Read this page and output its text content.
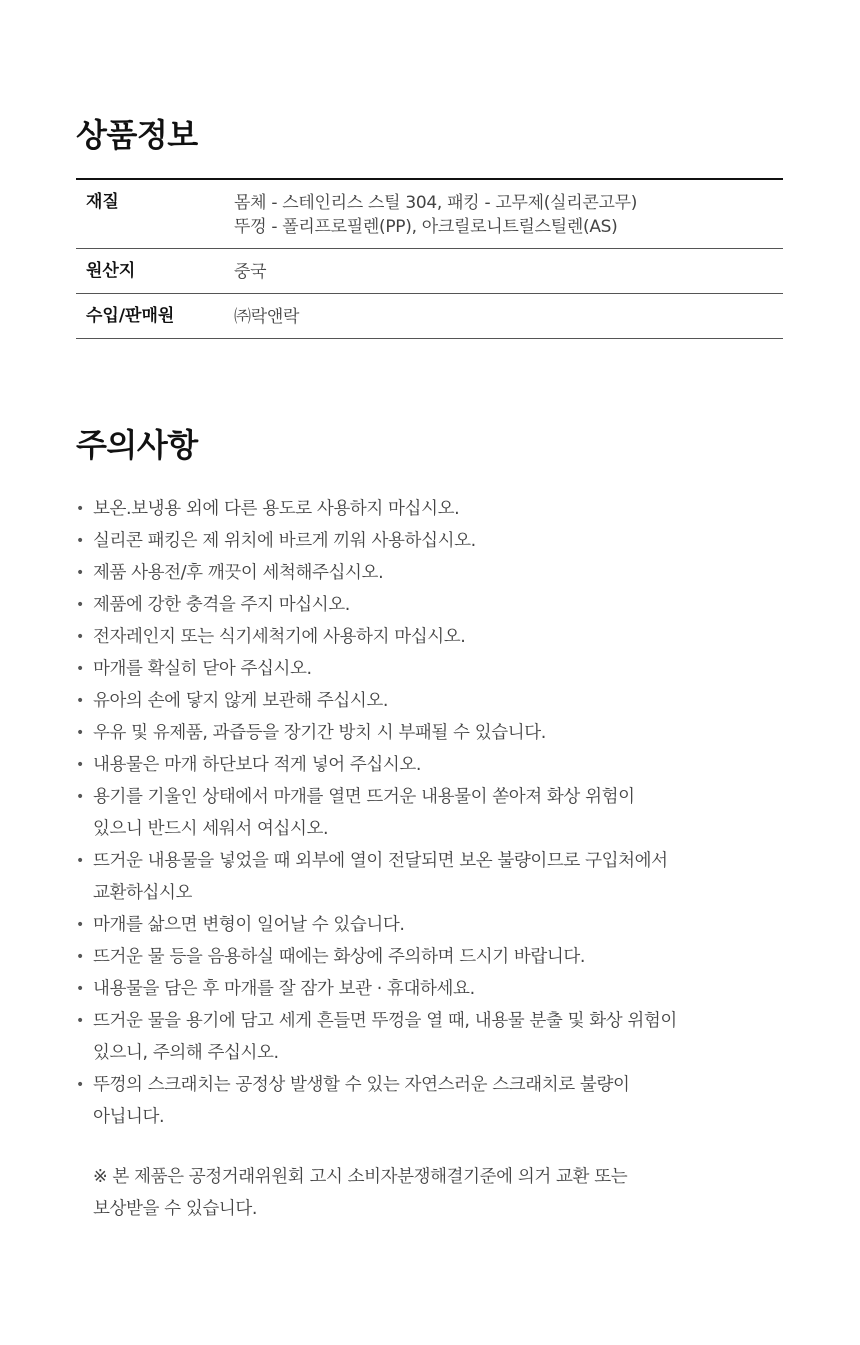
상품정보
재질	몸체 - 스테인리스 스틸 304, 패킹 - 고무제(실리콘고무)
뚜껑 - 폴리프로필렌(PP), 아크릴로니트릴스틸렌(AS)
원산지	중국
수입/판매원	㈜락앤락
주의사항
• 보온.보냉용 외에 다른 용도로 사용하지 마십시오.
• 실리콘 패킹은 제 위치에 바르게 끼워 사용하십시오.
• 제품 사용전/후 깨끗이 세척해주십시오.
• 제품에 강한 충격을 주지 마십시오.
• 전자레인지 또는 식기세척기에 사용하지 마십시오.
• 마개를 확실히 닫아 주십시오.
• 유아의 손에 닿지 않게 보관해 주십시오.
• 우유 및 유제품, 과즙등을 장기간 방치 시 부패될 수 있습니다.
• 내용물은 마개 하단보다 적게 넣어 주십시오.
• 용기를 기울인 상태에서 마개를 열면 뜨거운 내용물이 쏟아져 화상 위험이
있으니 반드시 세워서 여십시오.
• 뜨거운 내용물을 넣었을 때 외부에 열이 전달되면 보온 불량이므로 구입처에서
교환하십시오
• 마개를 삶으면 변형이 일어날 수 있습니다.
• 뜨거운 물 등을 음용하실 때에는 화상에 주의하며 드시기 바랍니다.
• 내용물을 담은 후 마개를 잘 잠가 보관 · 휴대하세요.
• 뜨거운 물을 용기에 담고 세게 흔들면 뚜껑을 열 때, 내용물 분출 및 화상 위험이
있으니, 주의해 주십시오.
• 뚜껑의 스크래치는 공정상 발생할 수 있는 자연스러운 스크래치로 불량이
아닙니다.
※ 본 제품은 공정거래위원회 고시 소비자분쟁해결기준에 의거 교환 또는
보상받을 수 있습니다.
